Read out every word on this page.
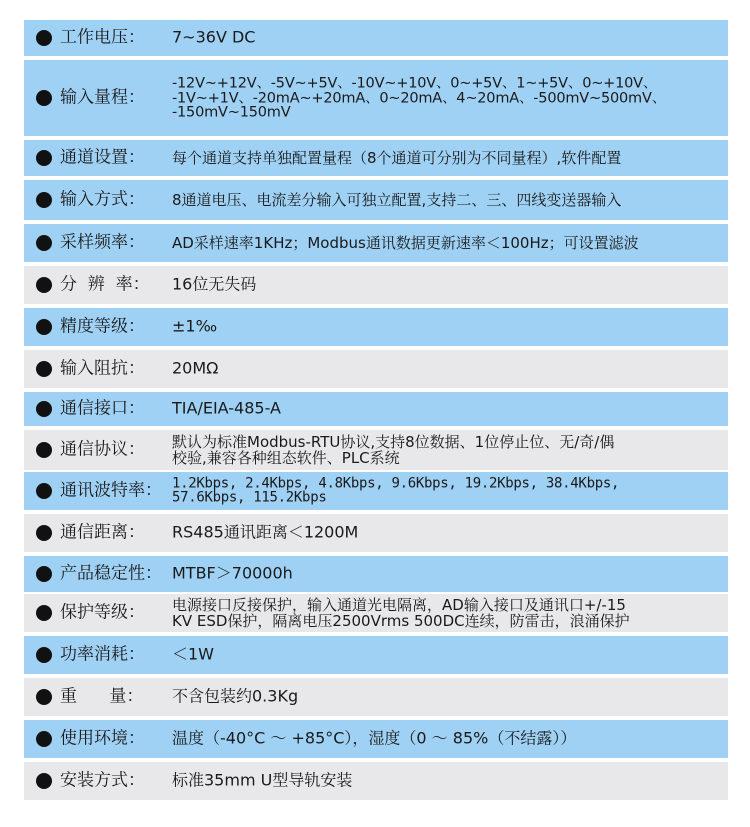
工作电压： 7~36V DC
输入量程：
-12V~+12V、-5V~+5V、-10V~+10V、0~+5V、1~+5V、0~+10V、
-1V~+1V、-20mA~+20mA、0~20mA、4~20mA、-500mV~500mV、
-150mV~150mV
通道设置： 每个通道支持单独配置量程（8个通道可分别为不同量程）,软件配置
输入方式： 8通道电压、电流差分输入可独立配置,支持二、三、四线变送器输入
采样频率： AD采样速率1KHz；Modbus通讯数据更新速率＜100Hz；可设置滤波
分  辨  率： 16位无失码
精度等级： ±1‰
输入阻抗： 20MΩ
通信接口： TIA/EIA-485-A
通信协议： 默认为标准Modbus-RTU协议,支持8位数据、1位停止位、无/奇/偶
校验,兼容各种组态软件、PLC系统
通讯波特率： 1.2Kbps, 2.4Kbps, 4.8Kbps, 9.6Kbps, 19.2Kbps, 38.4Kbps,
57.6Kbps, 115.2Kbps
通信距离： RS485通讯距离＜1200M
产品稳定性： MTBF＞70000h
保护等级： 电源接口反接保护，输入通道光电隔离，AD输入接口及通讯口+/-15
KV ESD保护，隔离电压2500Vrms 500DC连续，防雷击，浪涌保护
功率消耗： ＜1W
重      量： 不含包装约0.3Kg
使用环境： 温度（-40°C ～ +85°C），湿度（0 ～ 85%（不结露））
安装方式： 标准35mm U型导轨安装
